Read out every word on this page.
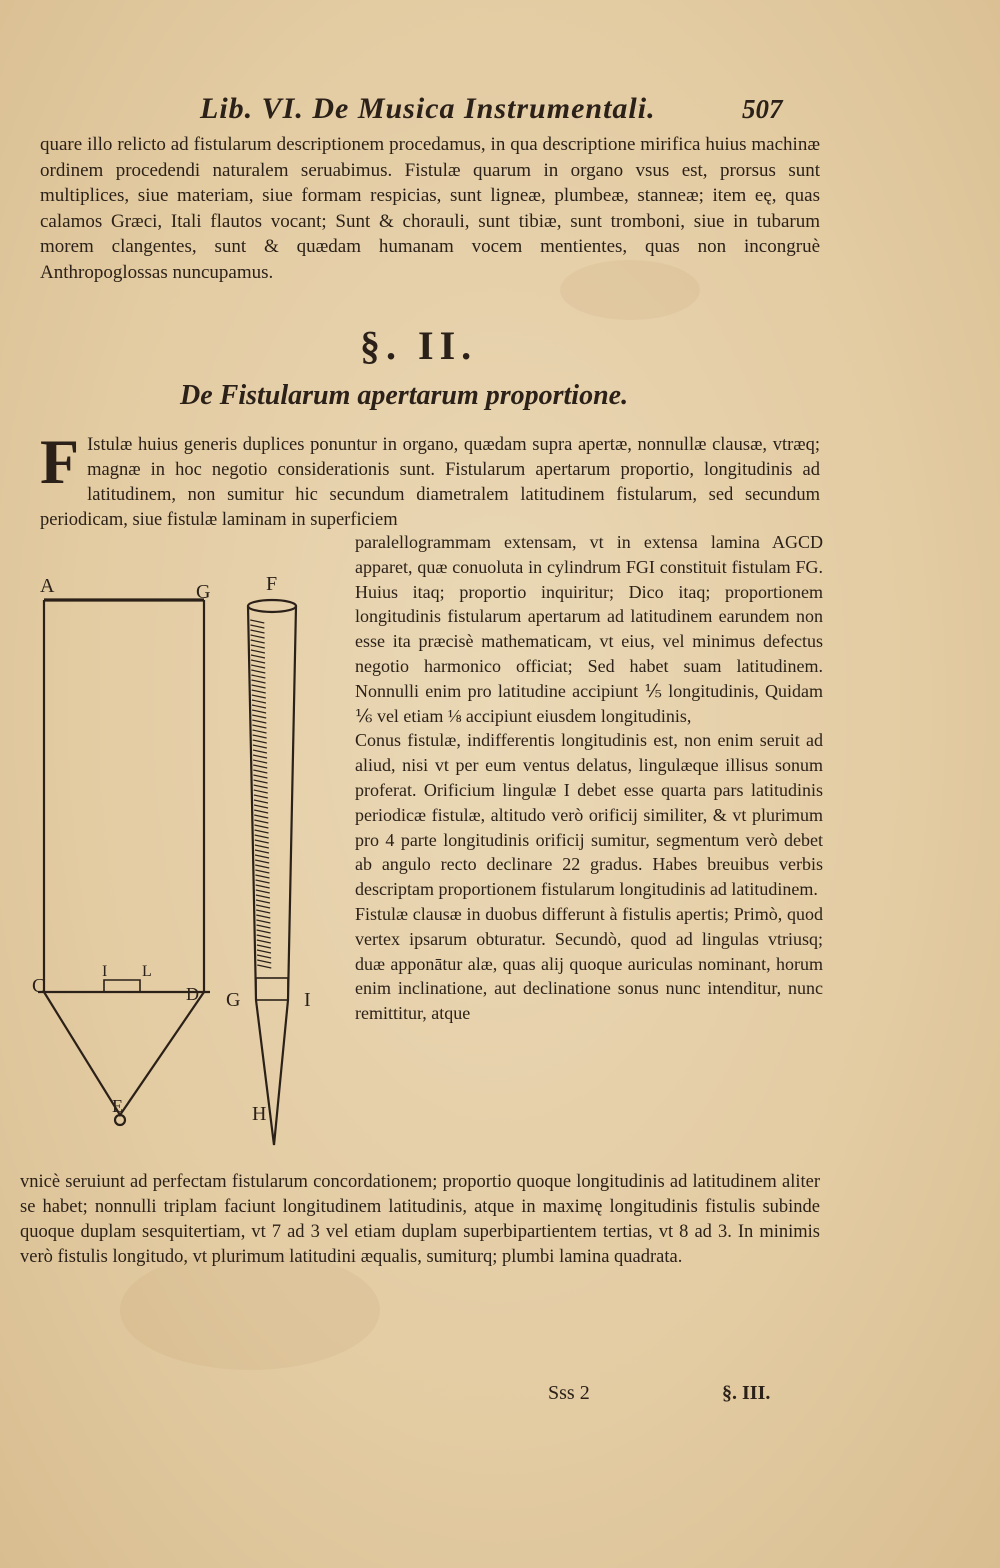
Lib. VI. De Musica Instrumentali.	507
quare illo relicto ad fistularum descriptionem procedamus, in qua descriptione mirifica huius machinæ ordinem procedendi naturalem seruabimus. Fistulæ quarum in organo vsus est, prorsus sunt multiplices, siue materiam, siue formam respicias, sunt ligneæ, plumbeæ, stanneæ; item eę, quas calamos Græci, Itali flautos vocant; Sunt & chorauli, sunt tibiæ, sunt tromboni, siue in tubarum morem clangentes, sunt & quædam humanam vocem mentientes, quas non incongruè Anthropoglossas nuncupamus.
§. II.
De Fistularum apertarum proportione.
F Istulæ huius generis duplices ponuntur in organo, quædam supra apertæ, nonnullæ clausæ, vtræq; magnæ in hoc negotio considerationis sunt. Fistularum apertarum proportio, longitudinis ad latitudinem, non sumitur hic secundum diametralem latitudinem fistularum, sed secundum periodicam, siue fistulæ laminam in superficiem
A	G
C
I L
D
E
F
G	I
H

paralellogrammam extensam, vt in extensa lamina AGCD apparet, quæ conuoluta in cylindrum FGI constituit fistulam FG. Huius itaq; proportio inquiritur; Dico itaq; proportionem longitudinis fistularum apertarum ad latitudinem earundem non esse ita præcisè mathematicam, vt eius, vel minimus defectus negotio harmonico officiat; Sed habet suam latitudinem. Nonnulli enim pro latitudine accipiunt ⅕ longitudinis, Quidam ⅙ vel etiam ⅛ accipiunt eiusdem longitudinis,

Conus fistulæ, indifferentis longitudinis est, non enim seruit ad aliud, nisi vt per eum ventus delatus, lingulæque illisus sonum proferat. Orificium lingulæ I debet esse quarta pars latitudinis periodicæ fistulæ, altitudo verò orificij similiter, & vt plurimum pro 4 parte longitudinis orificij sumitur, segmentum verò debet ab angulo recto declinare 22 gradus. Habes breuibus verbis descriptam proportionem fistularum longitudinis ad latitudinem.

Fistulæ clausæ in duobus differunt à fistulis apertis; Primò, quod vertex ipsarum obturatur. Secundò, quod ad lingulas vtriusq; duæ apponātur alæ, quas alij quoque auriculas nominant, horum enim inclinatione, aut declinatione sonus nunc intenditur, nunc remittitur, atque

vnicè seruiunt ad perfectam fistularum concordationem; proportio quoque longitudinis ad latitudinem aliter se habet; nonnulli triplam faciunt longitudinem latitudinis, atque in maximę longitudinis fistulis subinde quoque duplam sesquitertiam, vt 7 ad 3 vel etiam duplam superbipartientem tertias, vt 8 ad 3. In minimis verò fistulis longitudo, vt plurimum latitudini æqualis, sumiturq; plumbi lamina quadrata.
Sss 2	§. III.
